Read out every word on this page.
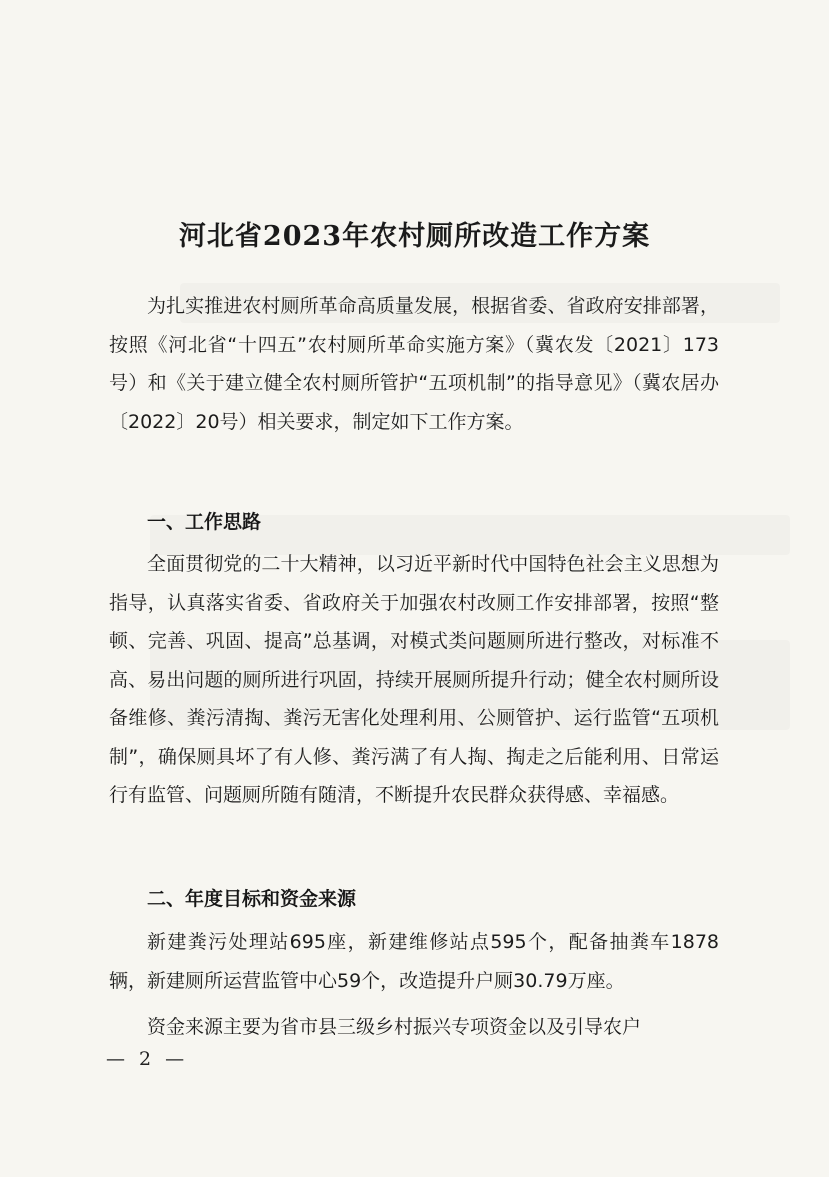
河北省2023年农村厕所改造工作方案

为扎实推进农村厕所革命高质量发展，根据省委、省政府安排部署，按照《河北省“十四五”农村厕所革命实施方案》（冀农发〔2021〕173号）和《关于建立健全农村厕所管护“五项机制”的指导意见》（冀农居办〔2022〕20号）相关要求，制定如下工作方案。

一、工作思路

全面贯彻党的二十大精神，以习近平新时代中国特色社会主义思想为指导，认真落实省委、省政府关于加强农村改厕工作安排部署，按照“整顿、完善、巩固、提高”总基调，对模式类问题厕所进行整改，对标准不高、易出问题的厕所进行巩固，持续开展厕所提升行动；健全农村厕所设备维修、粪污清掏、粪污无害化处理利用、公厕管护、运行监管“五项机制”，确保厕具坏了有人修、粪污满了有人掏、掏走之后能利用、日常运行有监管、问题厕所随有随清，不断提升农民群众获得感、幸福感。

二、年度目标和资金来源

新建粪污处理站695座，新建维修站点595个，配备抽粪车1878辆，新建厕所运营监管中心59个，改造提升户厕30.79万座。

资金来源主要为省市县三级乡村振兴专项资金以及引导农户

— 2 —
